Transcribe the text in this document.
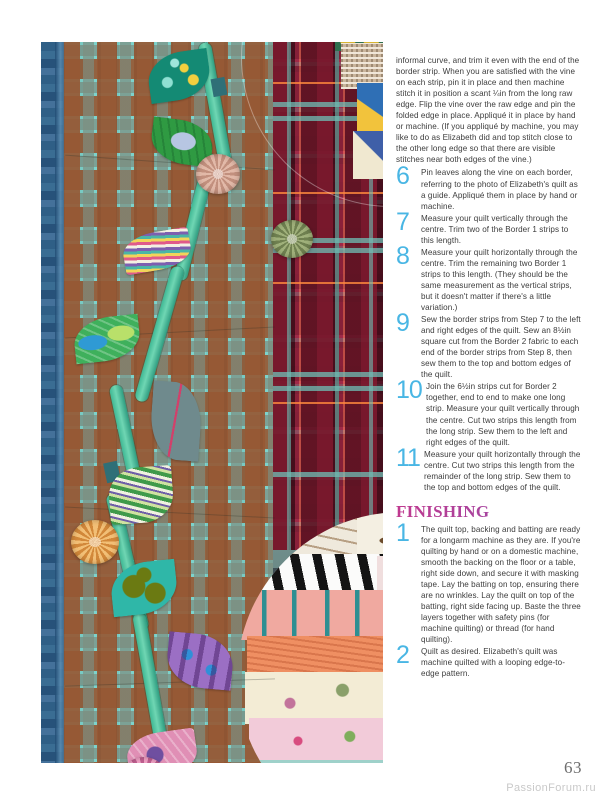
informal curve, and trim it even with the end of the border strip. When you are satisfied with the vine on each strip, pin it in place and then machine stitch it in position a scant ¼in from the long raw edge. Flip the vine over the raw edge and pin the folded edge in place. Appliqué it in place by hand or machine. (If you appliqué by machine, you may like to do as Elizabeth did and top stitch close to the other long edge so that there are visible stitches near both edges of the vine.)

6	Pin leaves along the vine on each border, referring to the photo of Elizabeth's quilt as a guide. Appliqué them in place by hand or machine.

7	Measure your quilt vertically through the centre. Trim two of the Border 1 strips to this length.

8	Measure your quilt horizontally through the centre. Trim the remaining two Border 1 strips to this length. (They should be the same measurement as the vertical strips, but it doesn't matter if there's a little variation.)

9	Sew the border strips from Step 7 to the left and right edges of the quilt. Sew an 8½in square cut from the Border 2 fabric to each end of the border strips from Step 8, then sew them to the top and bottom edges of the quilt.

10 Join the 6½in strips cut for Border 2 together, end to end to make one long strip. Measure your quilt vertically through the centre. Cut two strips this length from the long strip. Sew them to the left and right edges of the quilt.

11 Measure your quilt horizontally through the centre. Cut two strips this length from the remainder of the long strip. Sew them to the top and bottom edges of the quilt.

FINISHING
1	The quilt top, backing and batting are ready for a longarm machine as they are. If you're quilting by hand or on a domestic machine, smooth the backing on the floor or a table, right side down, and secure it with masking tape. Lay the batting on top, ensuring there are no wrinkles. Lay the quilt on top of the batting, right side facing up. Baste the three layers together with safety pins (for machine quilting) or thread (for hand quilting).

2	Quilt as desired. Elizabeth's quilt was machine quilted with a looping edge-to-edge pattern.

63
PassionForum.ru
